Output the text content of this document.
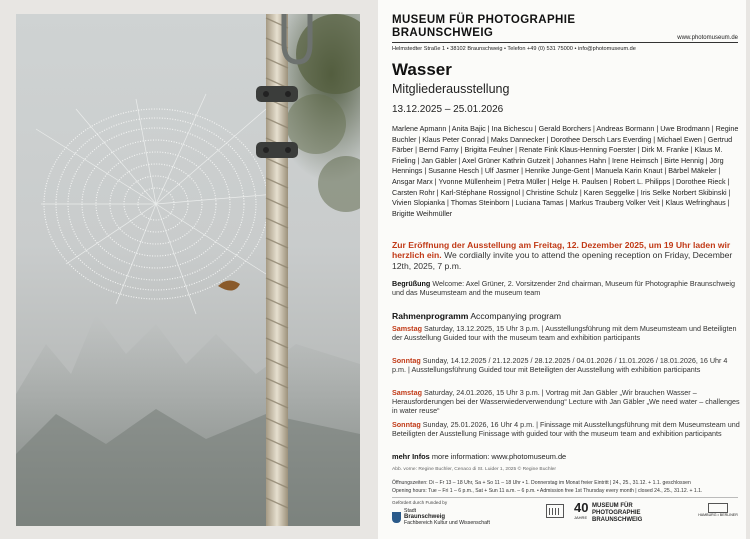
MUSEUM FÜR PHOTOGRAPHIE
BRAUNSCHWEIG	www.photomuseum.de
Helmstedter Straße 1 • 38102 Braunschweig • Telefon +49 (0) 531 75000 • info@photomuseum.de
Wasser
Mitgliederausstellung
13.12.2025 – 25.01.2026
Marlene Apmann | Anita Bajic | Ina Bichescu | Gerald Borchers | Andreas Bormann | Uwe Brodmann | Regine Buchler | Klaus Peter Conrad | Maks Dannecker | Dorothee Dersch Lars Everding | Michael Ewen | Gertrud Färber | Bernd Farny | Brigitta Feulner | Renate Fink Klaus-Henning Foerster | Dirk M. Franke | Klaus M. Frieling | Jan Gäbler | Axel Grüner Kathrin Gutzeit | Johannes Hahn | Irene Heimsch | Birte Hennig | Jörg Hennings | Susanne Hesch | Ulf Jasmer | Henrike Junge-Gent | Manuela Karin Knaut | Bärbel Mäkeler | Ansgar Marx | Yvonne Müllenheim | Petra Müller | Helge H. Paulsen | Robert L. Philipps | Dorothee Rieck | Carsten Rohr | Karl-Stéphane Rossignol | Christine Schulz | Karen Seggelke | Iris Selke Norbert Skibinski | Vivien Slopianka | Thomas Steinborn | Luciana Tamas | Markus Trauberg Volker Veit | Klaus Wefringhaus | Brigitte Weihmüller
Zur Eröffnung der Ausstellung am Freitag, 12. Dezember 2025, um 19 Uhr laden wir herzlich ein. We cordially invite you to attend the opening reception on Friday, December 12th, 2025, 7 p.m.
Begrüßung Welcome: Axel Grüner, 2. Vorsitzender 2nd chairman, Museum für Photographie Braunschweig und das Museumsteam and the museum team
Rahmenprogramm Accompanying program
Samstag Saturday, 13.12.2025, 15 Uhr 3 p.m. | Ausstellungsführung mit dem Museumsteam und Beteiligten der Ausstellung Guided tour with the museum team and exhibition participants
Sonntag Sunday, 14.12.2025 / 21.12.2025 / 28.12.2025 / 04.01.2026 / 11.01.2026 / 18.01.2026, 16 Uhr 4 p.m. | Ausstellungsführung Guided tour mit Beteiligten der Ausstellung with exhibition participants
Samstag Saturday, 24.01.2026, 15 Uhr 3 p.m. | Vortrag mit Jan Gäbler „Wir brauchen Wasser – Herausforderungen bei der Wasserwiederverwendung“ Lecture with Jan Gäbler „We need water – challenges in water reuse“
Sonntag Sunday, 25.01.2026, 16 Uhr 4 p.m. | Finissage mit Ausstellungsführung mit dem Museumsteam und Beteiligten der Ausstellung Finissage with guided tour with the museum team and exhibition participants
mehr Infos more information: www.photomuseum.de
Abb. vorne: Regine Buchler, Cenaco di St. Luider 1, 2025 © Regine Buchler
Öffnungszeiten: Di – Fr 13 – 18 Uhr, Sa + So 11 – 18 Uhr • 1. Donnerstag im Monat freier Eintritt | 24., 25., 31.12. + 1.1. geschlossen
Opening hours: Tue – Fri 1 – 6 p.m., Sat + Sun 11 a.m. – 6 p.m. • Admission free 1st Thursday every month | closed 24., 25., 31.12. + 1.1.
Gefördert durch Funded by
Stadt
Braunschweig
Fachbereich Kultur und Wissenschaft
40
JAHRE
MUSEUM FÜR
PHOTOGRAPHIE
BRAUNSCHWEIG
HAMBURG • BERLINER
